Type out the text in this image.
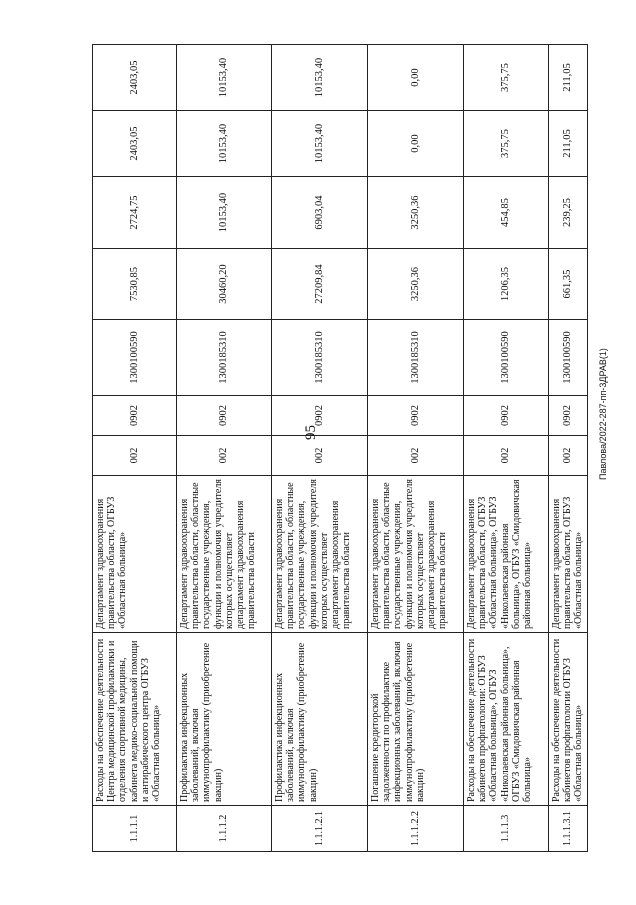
95	Павлова/2022-287-пп-3ДРАВ(1)
1.1.1.1	Расходы на обеспечение деятельности Центра медицинской профилактики и отделения спортивной медицины, кабинета медико-социальной помощи и антирабического центра ОГБУЗ «Областная больница»	Департамент здравоохранения правительства области, ОГБУЗ «Областная больница»	002	0902	1300100590	7530,85	2724,75	2403,05	2403,05
1.1.1.2	Профилактика инфекционных заболеваний, включая иммунопрофилактику (приобретение вакцин)	Департамент здравоохранения правительства области, областные государственные учреждения, функции и полномочия учредителя которых осуществляет департамент здравоохранения правительства области	002	0902	1300185310	30460,20	10153,40	10153,40	10153,40
1.1.1.2.1	Профилактика инфекционных заболеваний, включая иммунопрофилактику (приобретение вакцин)	Департамент здравоохранения правительства области, областные государственные учреждения, функции и полномочия учредителя которых осуществляет департамент здравоохранения правительства области	002	0902	1300185310	27209,84	6903,04	10153,40	10153,40
1.1.1.2.2	Погашение кредиторской задолженности по профилактике инфекционных заболеваний, включая иммунопрофилактику (приобретение вакцин)	Департамент здравоохранения правительства области, областные государственные учреждения, функции и полномочия учредителя которых осуществляет департамент здравоохранения правительства области	002	0902	1300185310	3250,36	3250,36	0,00	0,00
1.1.1.3	Расходы на обеспечение деятельности кабинетов профпатологии: ОГБУЗ «Областная больница», ОГБУЗ «Николаевская районная больница», ОГБУЗ «Смидовичская районная больница»	Департамент здравоохранения правительства области, ОГБУЗ «Областная больница», ОГБУЗ «Николаевская районная больница», ОГБУЗ «Смидовичская районная больница»	002	0902	1300100590	1206,35	454,85	375,75	375,75
1.1.1.3.1	Расходы на обеспечение деятельности кабинетов профпатологии ОГБУЗ «Областная больница»	Департамент здравоохранения правительства области, ОГБУЗ «Областная больница»	002	0902	1300100590	661,35	239,25	211,05	211,05
